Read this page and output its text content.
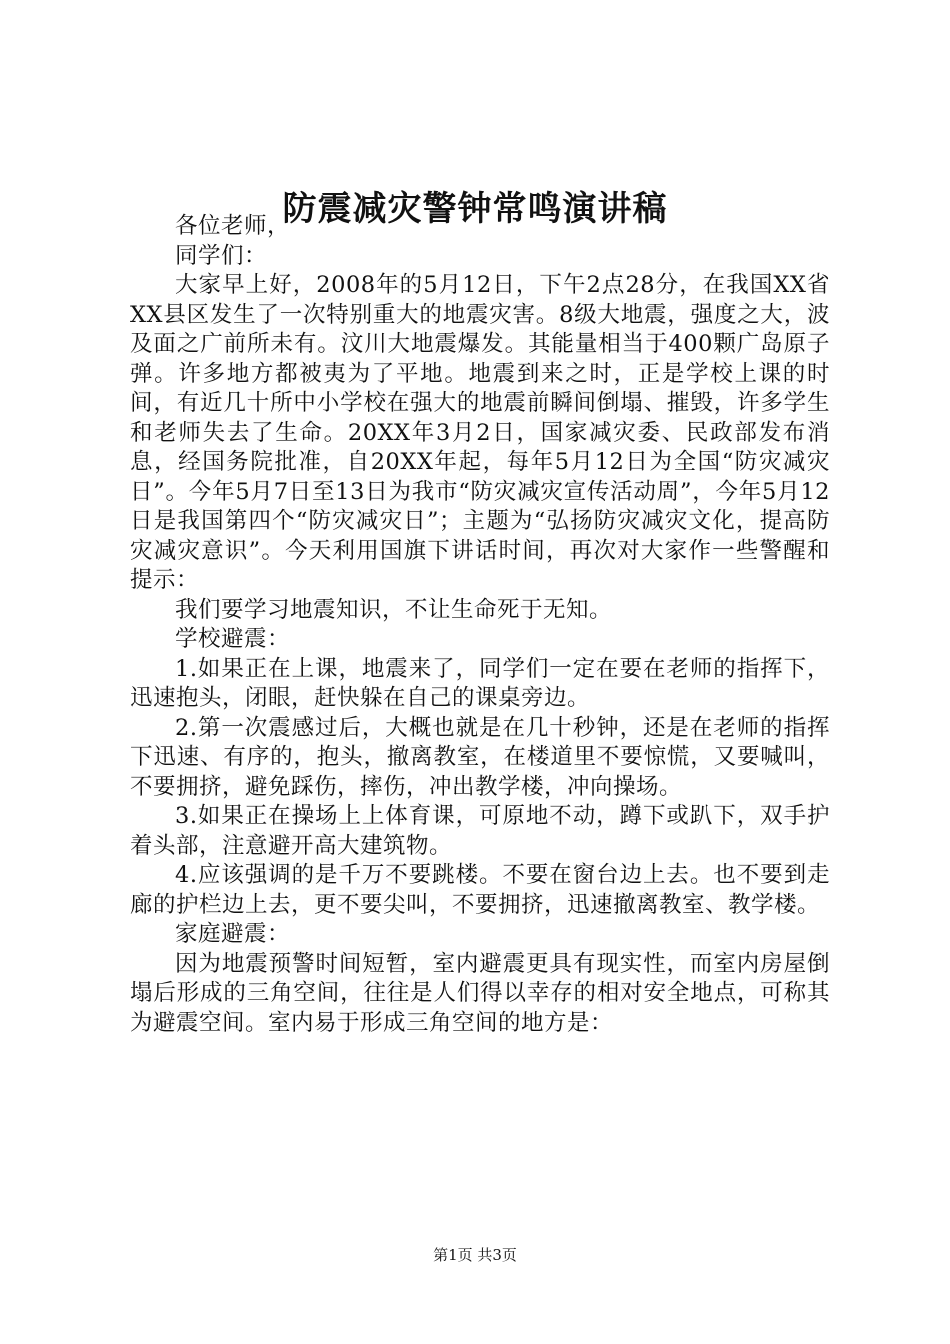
防震减灾警钟常鸣演讲稿

各位老师，

同学们：

大家早上好，2008年的5月12日，下午2点28分，在我国XX省XX县区发生了一次特别重大的地震灾害。8级大地震，强度之大，波及面之广前所未有。汶川大地震爆发。其能量相当于400颗广岛原子弹。许多地方都被夷为了平地。地震到来之时，正是学校上课的时间，有近几十所中小学校在强大的地震前瞬间倒塌、摧毁，许多学生和老师失去了生命。20XX年3月2日，国家减灾委、民政部发布消息，经国务院批准，自20XX年起，每年5月12日为全国“防灾减灾日”。今年5月7日至13日为我市“防灾减灾宣传活动周”，今年5月12日是我国第四个“防灾减灾日”；主题为“弘扬防灾减灾文化，提高防灾减灾意识”。今天利用国旗下讲话时间，再次对大家作一些警醒和提示：

我们要学习地震知识，不让生命死于无知。

学校避震：

1.如果正在上课，地震来了，同学们一定在要在老师的指挥下，迅速抱头，闭眼，赶快躲在自己的课桌旁边。

2.第一次震感过后，大概也就是在几十秒钟，还是在老师的指挥下迅速、有序的，抱头，撤离教室，在楼道里不要惊慌，又要喊叫，不要拥挤，避免踩伤，摔伤，冲出教学楼，冲向操场。

3.如果正在操场上上体育课，可原地不动，蹲下或趴下，双手护着头部，注意避开高大建筑物。

4.应该强调的是千万不要跳楼。不要在窗台边上去。也不要到走廊的护栏边上去，更不要尖叫，不要拥挤，迅速撤离教室、教学楼。

家庭避震：

因为地震预警时间短暂，室内避震更具有现实性，而室内房屋倒塌后形成的三角空间，往往是人们得以幸存的相对安全地点，可称其为避震空间。室内易于形成三角空间的地方是：

第1页 共3页
